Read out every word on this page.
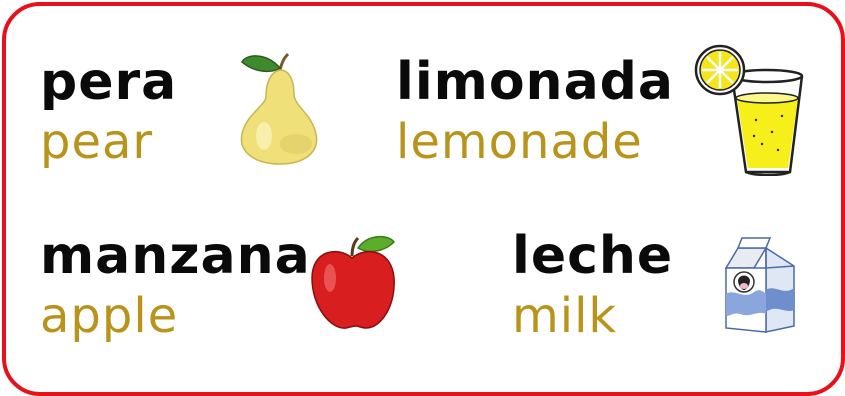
pera
pear
limonada
lemonade
manzana
apple
leche
milk
